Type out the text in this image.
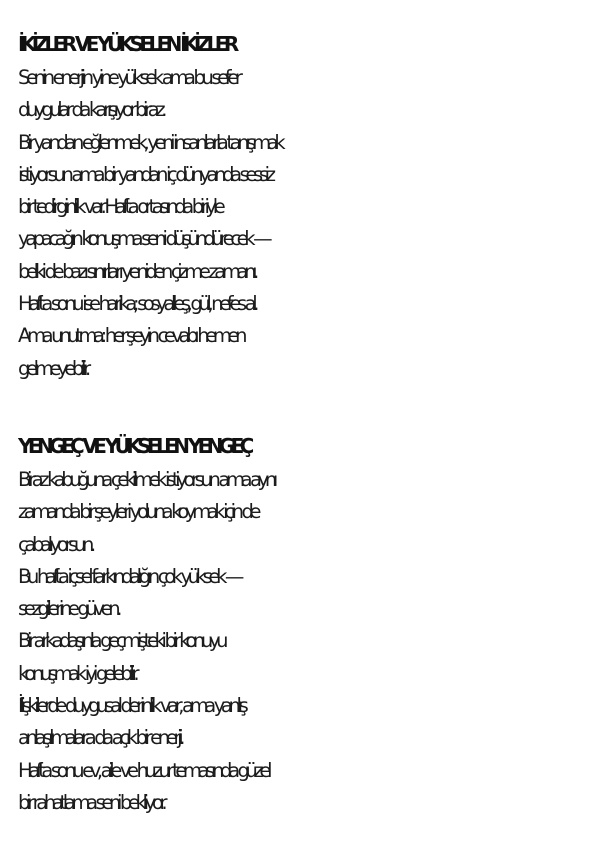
İKİZLER VE YÜKSELEN İKİZLER
Senin enerjin yine yüksek ama bu sefer
duygular da karışıyor biraz.
Bir yandan eğlenmek, yeni insanlarla tanışmak
istiyorsun ama bir yandan iç dünyanda sessiz
bir tedirginlik var. Hafta ortasında biriyle
yapacağın konuşma seni düşündürecek —
belki de bazı sınırları yeniden çizme zamanı.
Hafta sonu ise harika; sosyalleş, gül, nefes al.
Ama unutma: her şeyin cevabı hemen
gelmeyebilir.
YENGEÇ VE YÜKSELEN YENGEÇ
Biraz kabuğuna çekilmek istiyorsun ama aynı
zamanda bir şeyleri yoluna koymak için de
çabalıyorsun.
Bu hafta içsel farkındalığın çok yüksek —
sezgilerine güven.
Bir arkadaşınla geçmişteki bir konuyu
konuşmak iyi gelebilir.
İlişkilerde duygusal derinlik var, ama yanlış
anlaşılmalara da açık bir enerji.
Hafta sonu ev, aile ve huzur temasında güzel
bir rahatlama seni bekliyor.
